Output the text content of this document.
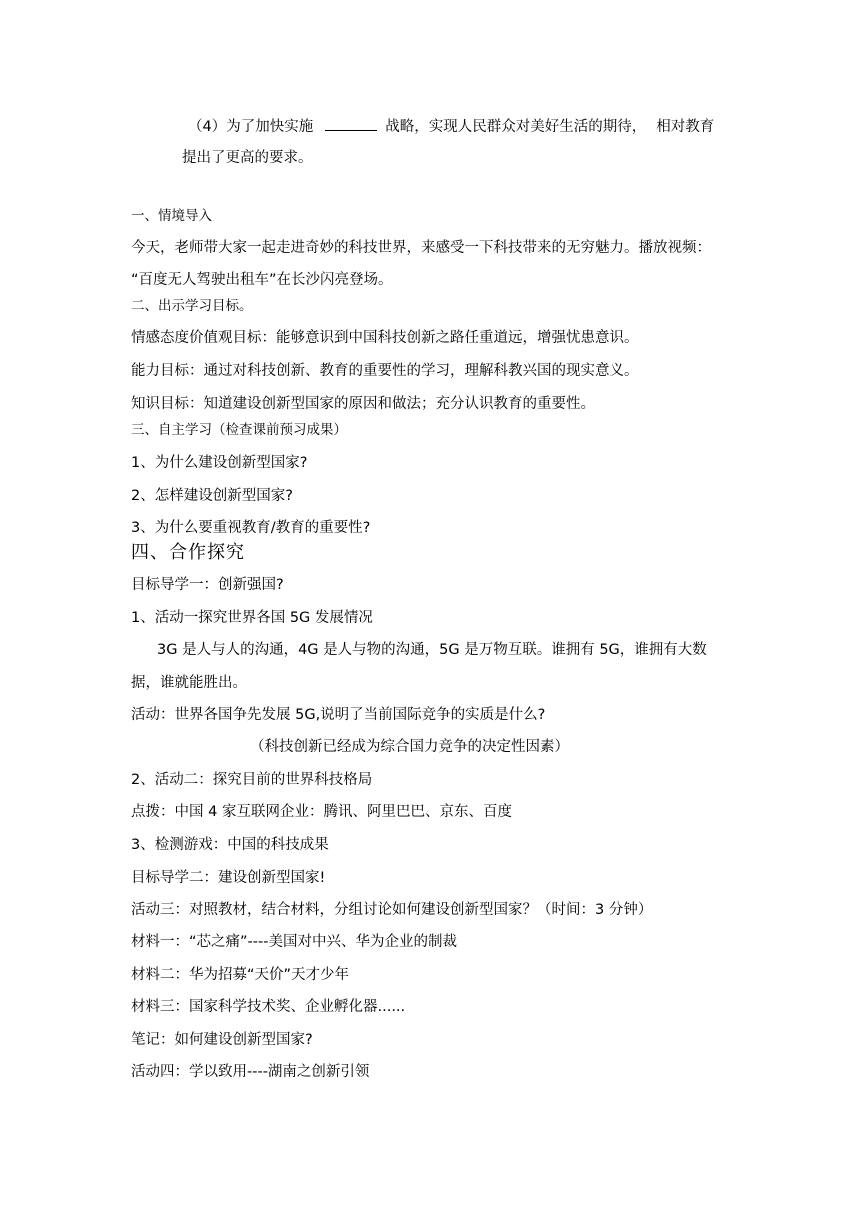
（4）为了加快实施	战略，实现人民群众对美好生活的期待， 相对教育
提出了更高的要求。
一、情境导入
今天，老师带大家一起走进奇妙的科技世界，来感受一下科技带来的无穷魅力。播放视频：
“百度无人驾驶出租车”在长沙闪亮登场。
二、出示学习目标。
情感态度价值观目标：能够意识到中国科技创新之路任重道远，增强忧患意识。
能力目标：通过对科技创新、教育的重要性的学习，理解科教兴国的现实意义。
知识目标：知道建设创新型国家的原因和做法；充分认识教育的重要性。
三、自主学习（检查课前预习成果）
1、为什么建设创新型国家?
2、怎样建设创新型国家?
3、为什么要重视教育/教育的重要性?
四、合作探究
目标导学一：创新强国?
1、活动一探究世界各国 5G 发展情况
3G 是人与人的沟通，4G 是人与物的沟通，5G 是万物互联。谁拥有 5G，谁拥有大数
据，谁就能胜出。
活动：世界各国争先发展 5G,说明了当前国际竞争的实质是什么?
（科技创新已经成为综合国力竞争的决定性因素）
2、活动二：探究目前的世界科技格局
点拨：中国 4 家互联网企业：腾讯、阿里巴巴、京东、百度
3、检测游戏：中国的科技成果
目标导学二：建设创新型国家!
活动三：对照教材，结合材料，分组讨论如何建设创新型国家？（时间：3 分钟）
材料一：“芯之痛”----美国对中兴、华为企业的制裁
材料二：华为招募“天价”天才少年
材料三：国家科学技术奖、企业孵化器......
笔记：如何建设创新型国家?
活动四：学以致用----湖南之创新引领
